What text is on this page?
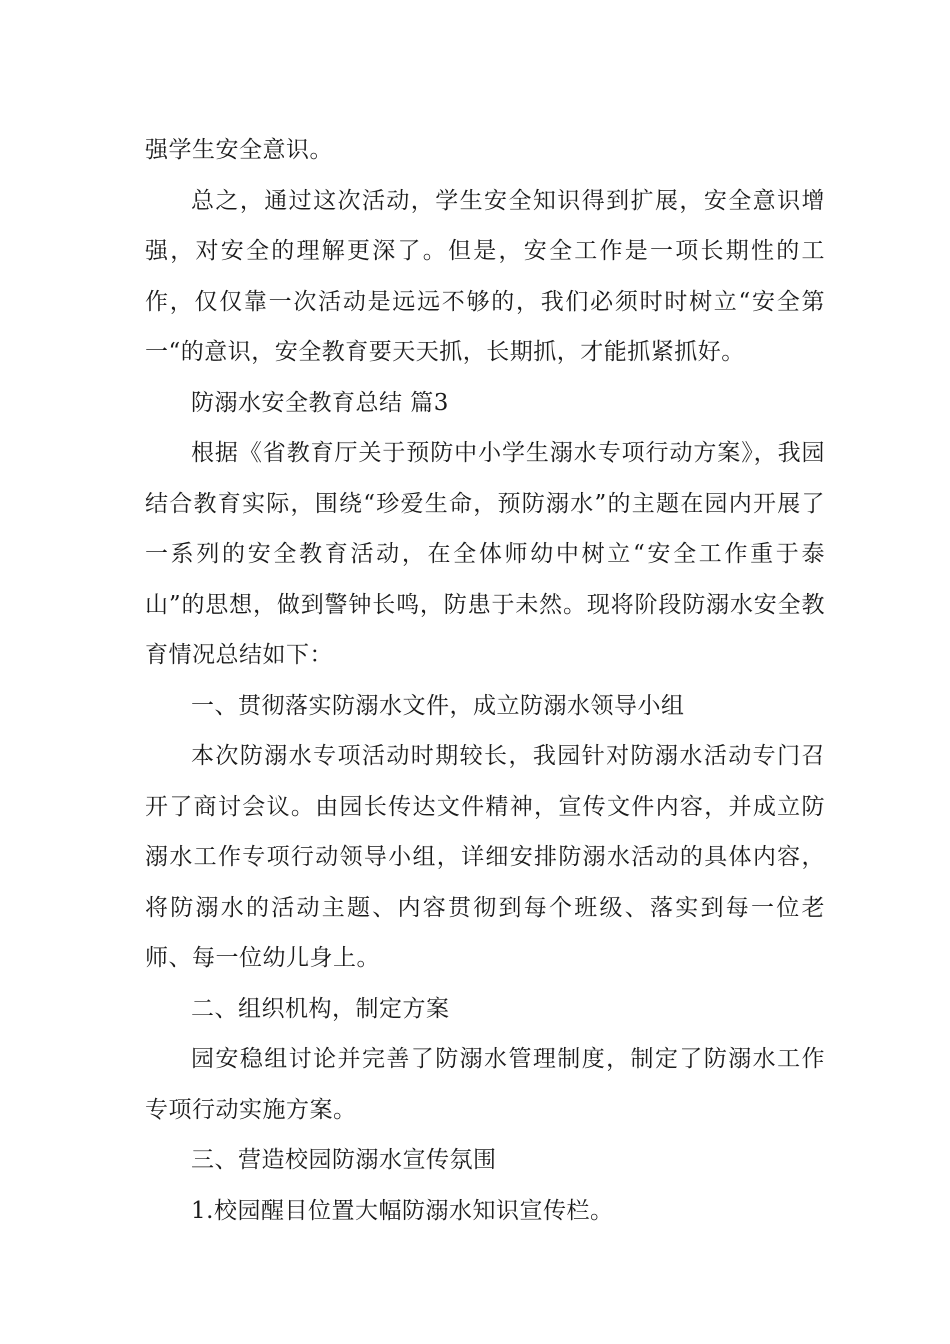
强学生安全意识。

总之，通过这次活动，学生安全知识得到扩展，安全意识增强，对安全的理解更深了。但是，安全工作是一项长期性的工作，仅仅靠一次活动是远远不够的，我们必须时时树立“安全第一“的意识，安全教育要天天抓，长期抓，才能抓紧抓好。

防溺水安全教育总结 篇3

根据《省教育厅关于预防中小学生溺水专项行动方案》，我园结合教育实际，围绕“珍爱生命，预防溺水”的主题在园内开展了一系列的安全教育活动，在全体师幼中树立“安全工作重于泰山”的思想，做到警钟长鸣，防患于未然。现将阶段防溺水安全教育情况总结如下：

一、贯彻落实防溺水文件，成立防溺水领导小组

本次防溺水专项活动时期较长，我园针对防溺水活动专门召开了商讨会议。由园长传达文件精神，宣传文件内容，并成立防溺水工作专项行动领导小组，详细安排防溺水活动的具体内容，将防溺水的活动主题、内容贯彻到每个班级、落实到每一位老师、每一位幼儿身上。

二、组织机构，制定方案

园安稳组讨论并完善了防溺水管理制度，制定了防溺水工作专项行动实施方案。

三、营造校园防溺水宣传氛围

1.校园醒目位置大幅防溺水知识宣传栏。
